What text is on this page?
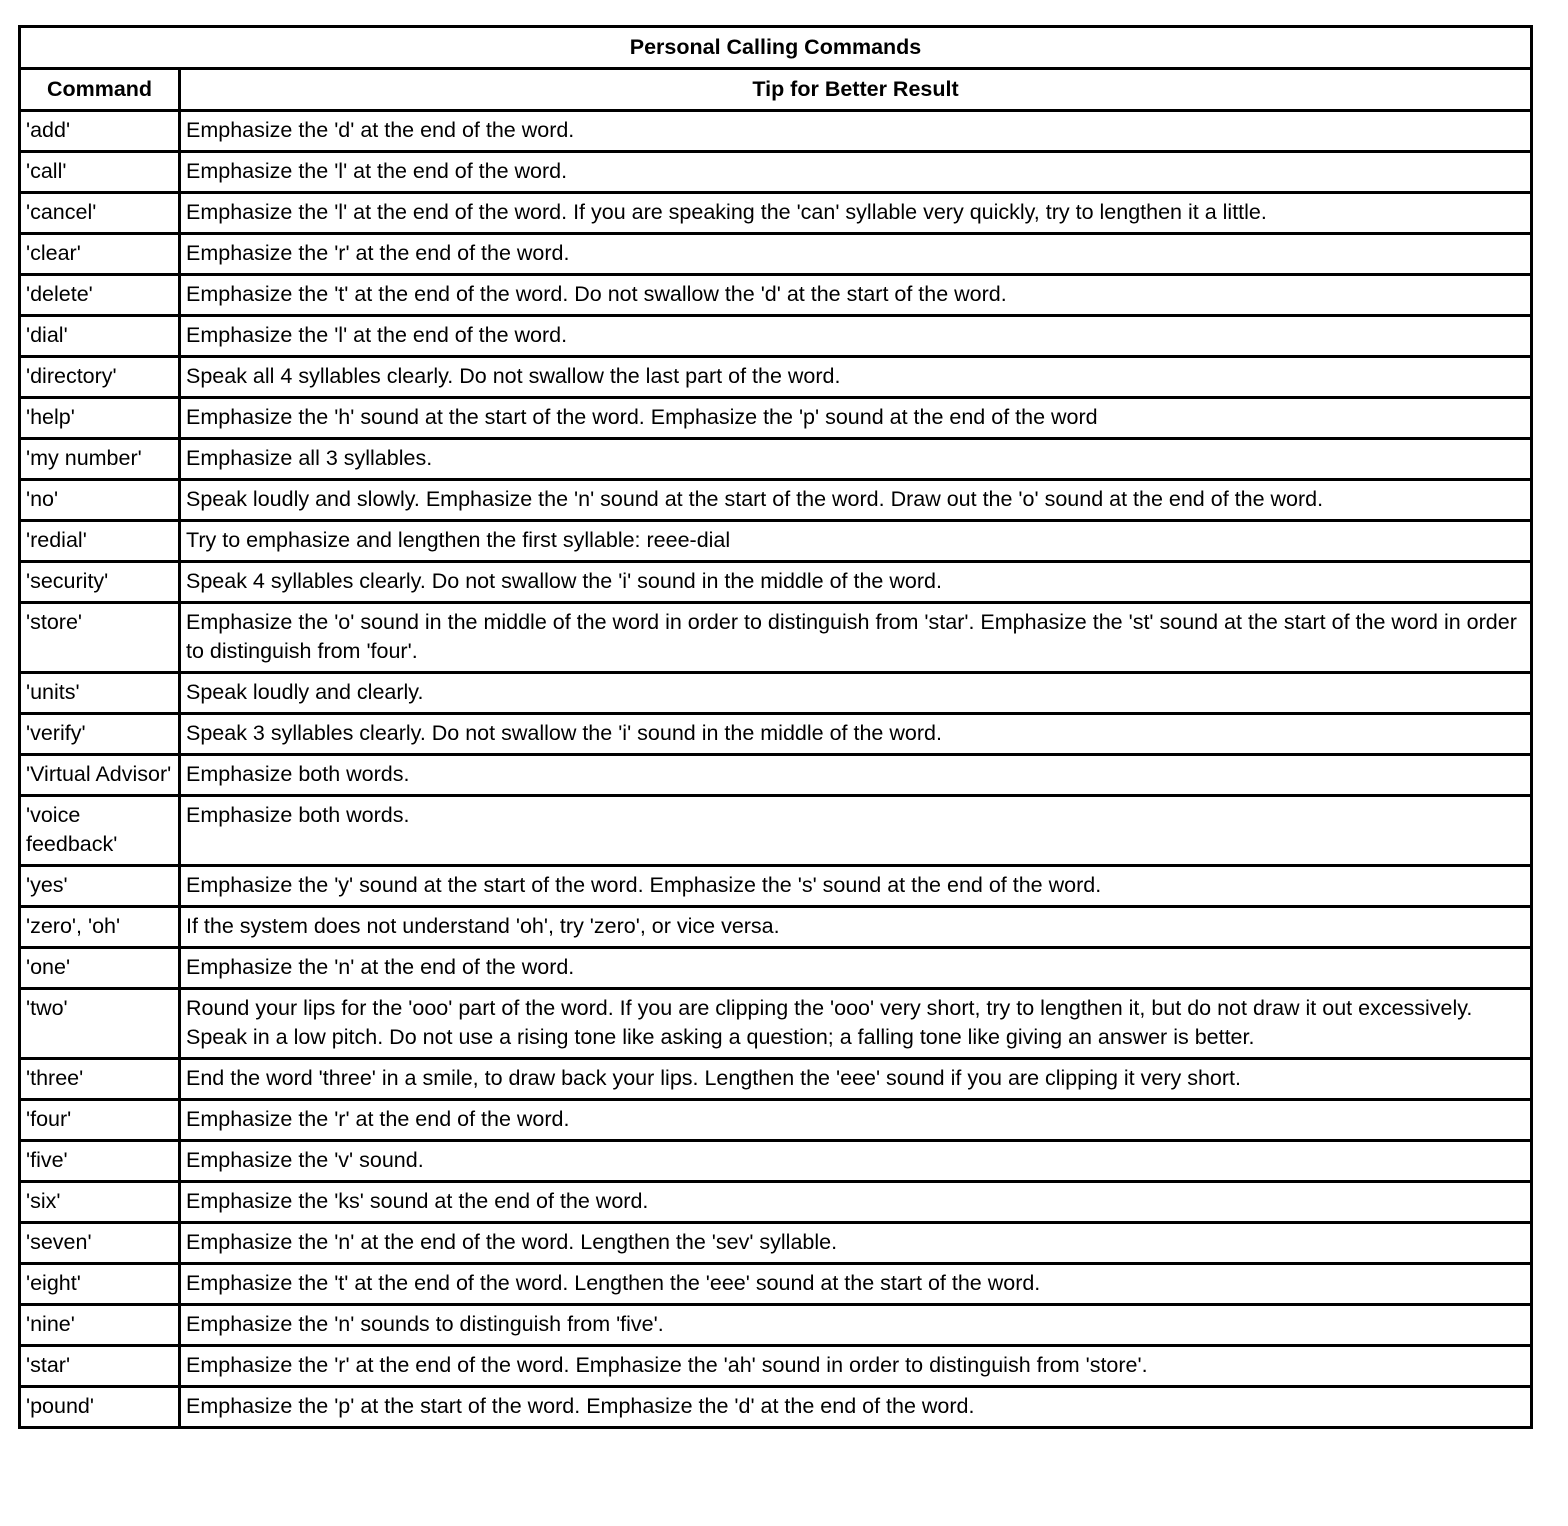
Personal Calling Commands	
Command	Tip for Better Result
'add'	Emphasize the 'd' at the end of the word.
'call'	Emphasize the 'l' at the end of the word.
'cancel'	Emphasize the 'l' at the end of the word. If you are speaking the 'can' syllable very quickly, try to lengthen it a little.
'clear'	Emphasize the 'r' at the end of the word.
'delete'	Emphasize the 't' at the end of the word. Do not swallow the 'd' at the start of the word.
'dial'	Emphasize the 'l' at the end of the word.
'directory'	Speak all 4 syllables clearly. Do not swallow the last part of the word.
'help'	Emphasize the 'h' sound at the start of the word. Emphasize the 'p' sound at the end of the word
'my number'	Emphasize all 3 syllables.
'no'	Speak loudly and slowly. Emphasize the 'n' sound at the start of the word. Draw out the 'o' sound at the end of the word.
'redial'	Try to emphasize and lengthen the first syllable: reee-dial
'security'	Speak 4 syllables clearly. Do not swallow the 'i' sound in the middle of the word.
'store'	Emphasize the 'o' sound in the middle of the word in order to distinguish from 'star'. Emphasize the 'st' sound at the start of the word in order to distinguish from 'four'.
'units'	Speak loudly and clearly.
'verify'	Speak 3 syllables clearly. Do not swallow the 'i' sound in the middle of the word.
'Virtual Advisor'	Emphasize both words.
'voice feedback'	Emphasize both words.
'yes'	Emphasize the 'y' sound at the start of the word. Emphasize the 's' sound at the end of the word.
'zero', 'oh'	If the system does not understand 'oh', try 'zero', or vice versa.
'one'	Emphasize the 'n' at the end of the word.
'two'	Round your lips for the 'ooo' part of the word. If you are clipping the 'ooo' very short, try to lengthen it, but do not draw it out excessively. Speak in a low pitch. Do not use a rising tone like asking a question; a falling tone like giving an answer is better.
'three'	End the word 'three' in a smile, to draw back your lips. Lengthen the 'eee' sound if you are clipping it very short.
'four'	Emphasize the 'r' at the end of the word.
'five'	Emphasize the 'v' sound.
'six'	Emphasize the 'ks' sound at the end of the word.
'seven'	Emphasize the 'n' at the end of the word. Lengthen the 'sev' syllable.
'eight'	Emphasize the 't' at the end of the word. Lengthen the 'eee' sound at the start of the word.
'nine'	Emphasize the 'n' sounds to distinguish from 'five'.
'star'	Emphasize the 'r' at the end of the word. Emphasize the 'ah' sound in order to distinguish from 'store'.
'pound'	Emphasize the 'p' at the start of the word. Emphasize the 'd' at the end of the word.
